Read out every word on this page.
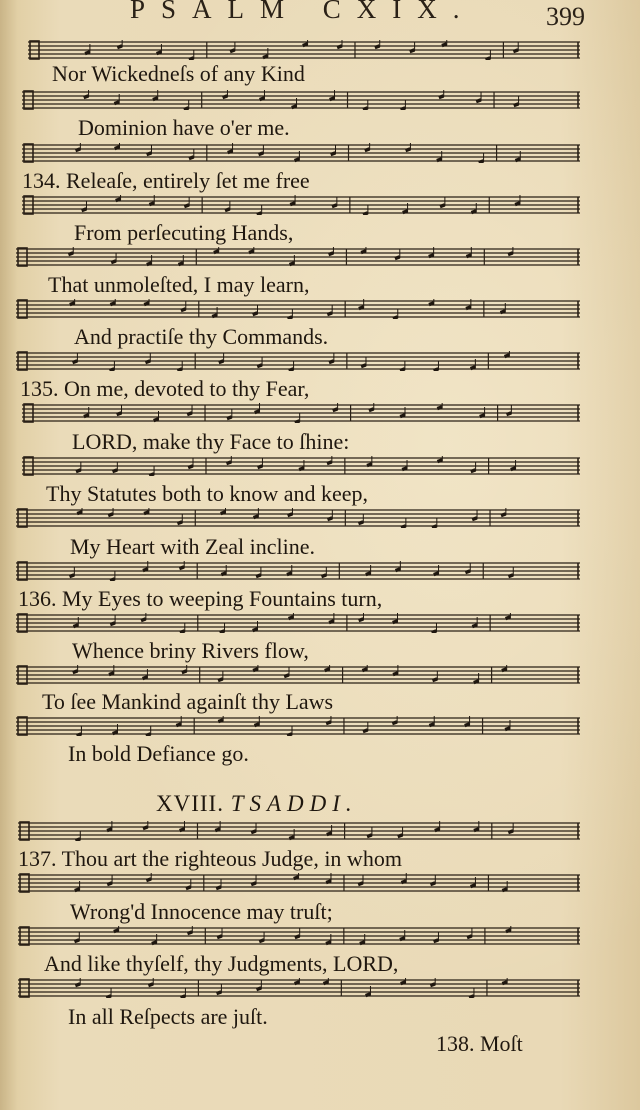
PSALM CXIX.	399
Nor Wickedneſs of any Kind
Dominion have o'er me.
134. Releaſe, entirely ſet me free
From perſecuting Hands,
That unmoleſted, I may learn,
And practiſe thy Commands.
135. On me, devoted to thy Fear,
LORD, make thy Face to ſhine:
Thy Statutes both to know and keep,
My Heart with Zeal incline.
136. My Eyes to weeping Fountains turn,
Whence briny Rivers flow,
To ſee Mankind againſt thy Laws
In bold Defiance go.
XVIII. TSADDI.
137. Thou art the righteous Judge, in whom
Wrong'd Innocence may truſt;
And like thyſelf, thy Judgments, LORD,
In all Reſpects are juſt.
138. Moſt
